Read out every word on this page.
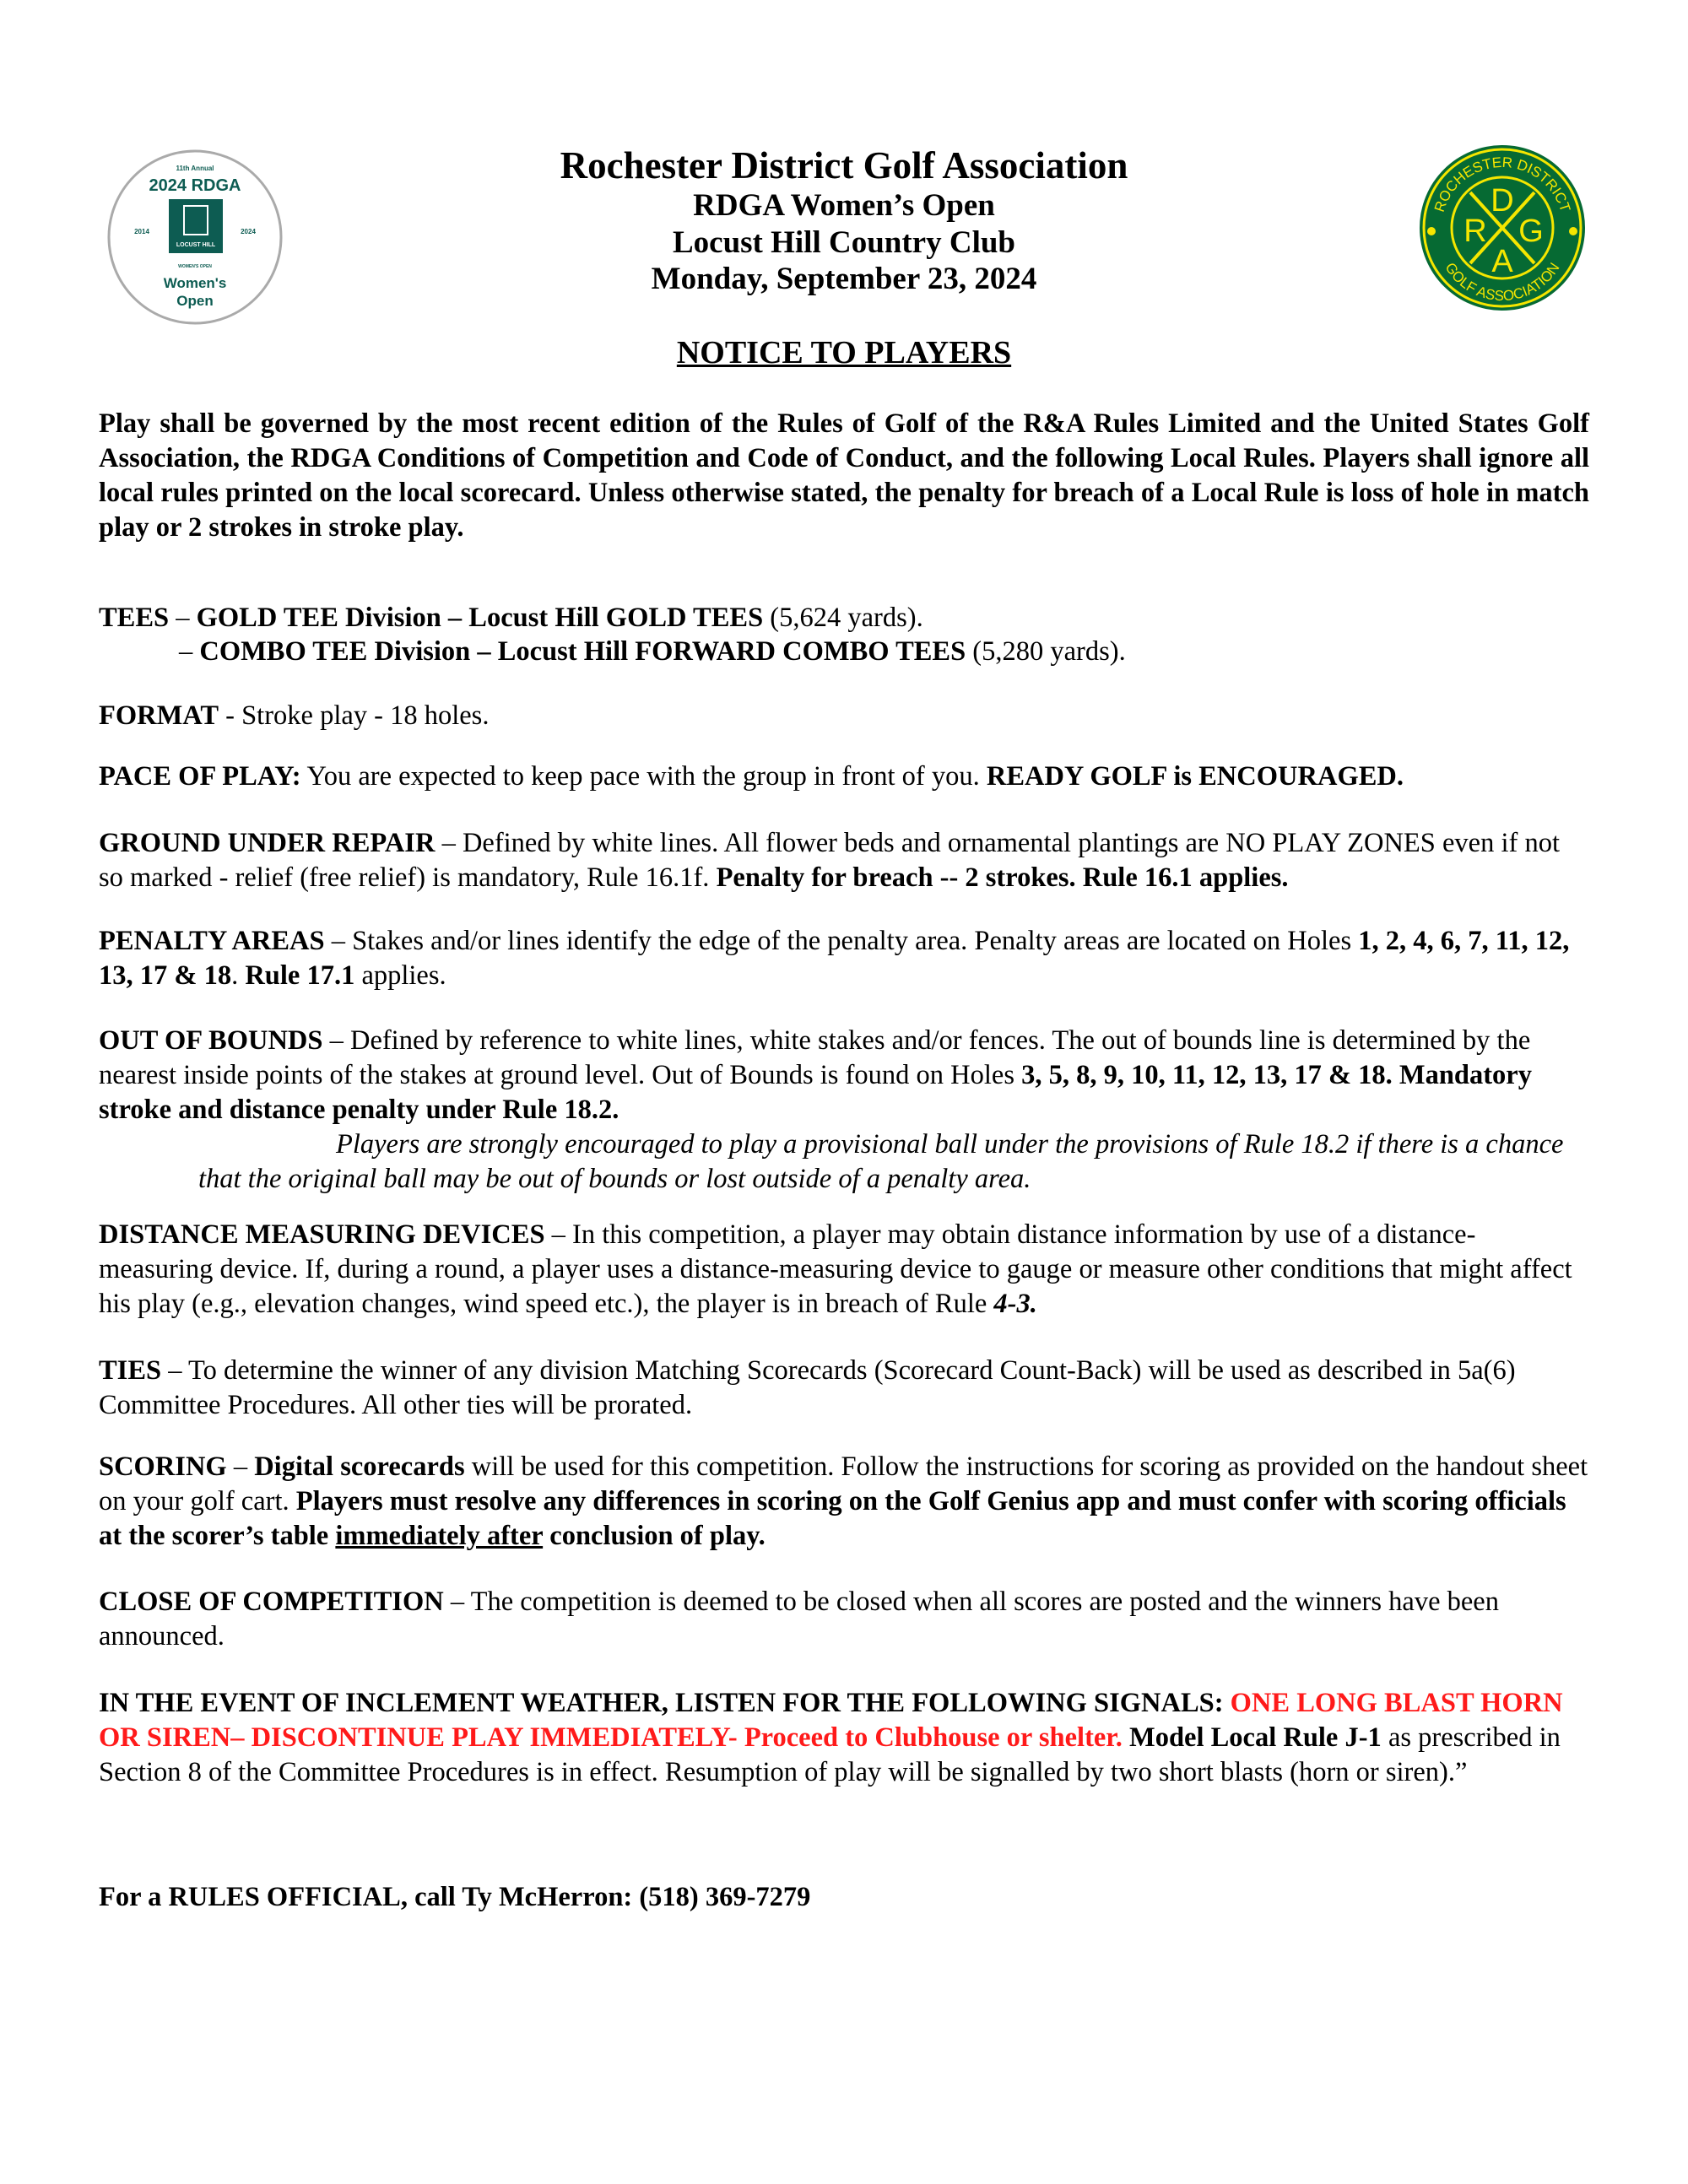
11th Annual
2024 RDGA
2014	2024
LOCUST HILL
WOMEN'S OPEN
Women's
Open
ROCHESTER DISTRICT
GOLF ASSOCIATION
D
R G
A
Rochester District Golf Association
RDGA Women’s Open
Locust Hill Country Club
Monday, September 23, 2024
NOTICE TO PLAYERS
Play shall be governed by the most recent edition of the Rules of Golf of the R&A Rules Limited and the United States Golf Association, the RDGA Conditions of Competition and Code of Conduct, and the following Local Rules. Players shall ignore all local rules printed on the local scorecard. Unless otherwise stated, the penalty for breach of a Local Rule is loss of hole in match play or 2 strokes in stroke play.
TEES – GOLD TEE Division – Locust Hill GOLD TEES (5,624 yards).
– COMBO TEE Division – Locust Hill FORWARD COMBO TEES (5,280 yards).
FORMAT - Stroke play - 18 holes.
PACE OF PLAY: You are expected to keep pace with the group in front of you. READY GOLF is ENCOURAGED.
GROUND UNDER REPAIR – Defined by white lines. All flower beds and ornamental plantings are NO PLAY ZONES even if not so marked - relief (free relief) is mandatory, Rule 16.1f. Penalty for breach -- 2 strokes. Rule 16.1 applies.
PENALTY AREAS – Stakes and/or lines identify the edge of the penalty area. Penalty areas are located on Holes 1, 2, 4, 6, 7, 11, 12, 13, 17 & 18. Rule 17.1 applies.
OUT OF BOUNDS – Defined by reference to white lines, white stakes and/or fences. The out of bounds line is determined by the nearest inside points of the stakes at ground level. Out of Bounds is found on Holes 3, 5, 8, 9, 10, 11, 12, 13, 17 & 18. Mandatory stroke and distance penalty under Rule 18.2.
Players are strongly encouraged to play a provisional ball under the provisions of Rule 18.2 if there is a chance that the original ball may be out of bounds or lost outside of a penalty area.
DISTANCE MEASURING DEVICES – In this competition, a player may obtain distance information by use of a distance-measuring device. If, during a round, a player uses a distance-measuring device to gauge or measure other conditions that might affect his play (e.g., elevation changes, wind speed etc.), the player is in breach of Rule 4-3.
TIES – To determine the winner of any division Matching Scorecards (Scorecard Count-Back) will be used as described in 5a(6) Committee Procedures. All other ties will be prorated.
SCORING – Digital scorecards will be used for this competition. Follow the instructions for scoring as provided on the handout sheet on your golf cart. Players must resolve any differences in scoring on the Golf Genius app and must confer with scoring officials at the scorer’s table immediately after conclusion of play.
CLOSE OF COMPETITION – The competition is deemed to be closed when all scores are posted and the winners have been announced.
IN THE EVENT OF INCLEMENT WEATHER, LISTEN FOR THE FOLLOWING SIGNALS: ONE LONG BLAST HORN OR SIREN– DISCONTINUE PLAY IMMEDIATELY- Proceed to Clubhouse or shelter. Model Local Rule J-1 as prescribed in Section 8 of the Committee Procedures is in effect. Resumption of play will be signalled by two short blasts (horn or siren).”
For a RULES OFFICIAL, call Ty McHerron: (518) 369-7279
